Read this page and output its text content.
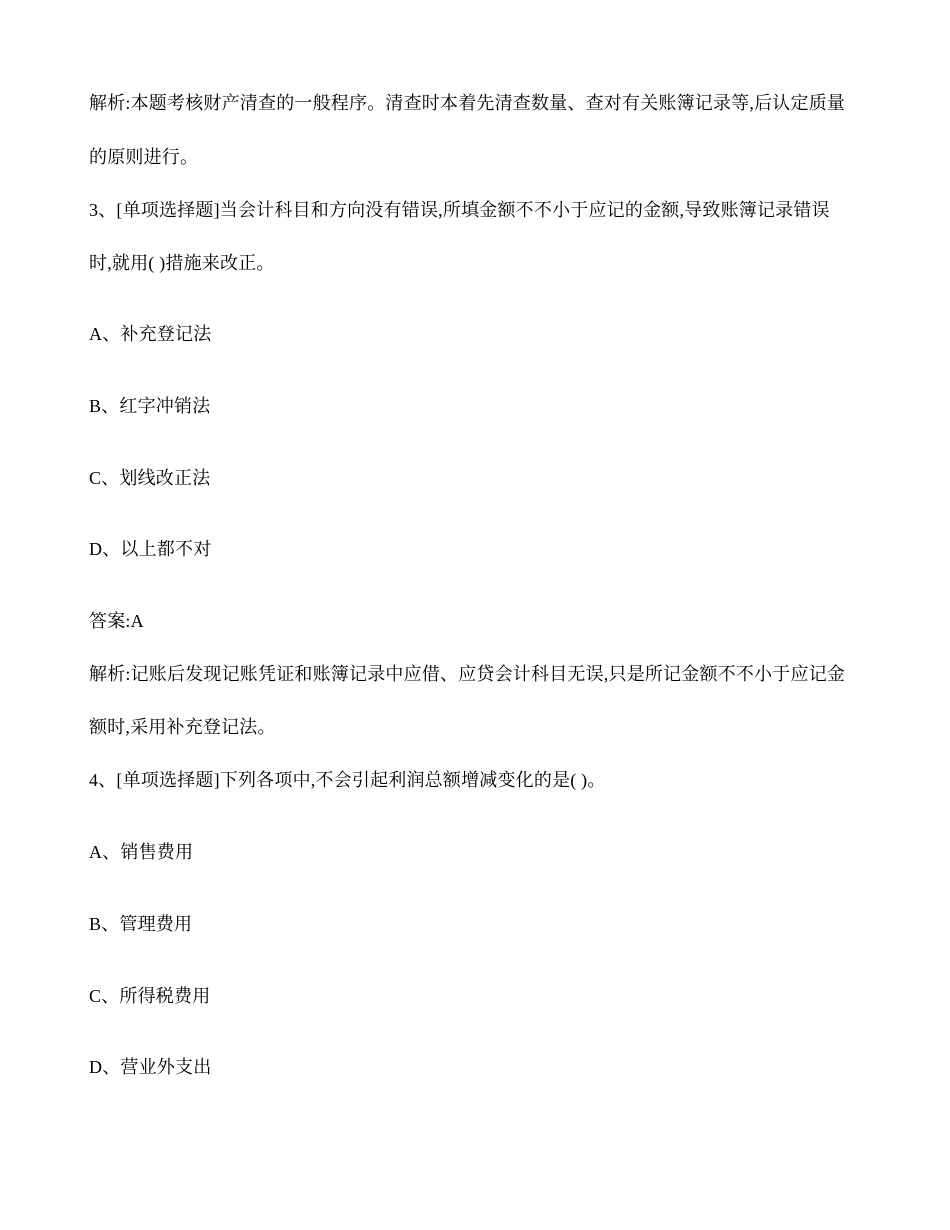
解析:本题考核财产清查的一般程序。清查时本着先清查数量、查对有关账簿记录等,后认定质量
的原则进行。
3、[单项选择题]当会计科目和方向没有错误,所填金额不不小于应记的金额,导致账簿记录错误
时,就用( )措施来改正。
A、补充登记法
B、红字冲销法
C、划线改正法
D、以上都不对
答案:A
解析:记账后发现记账凭证和账簿记录中应借、应贷会计科目无误,只是所记金额不不小于应记金
额时,采用补充登记法。
4、[单项选择题]下列各项中,不会引起利润总额增减变化的是( )。
A、销售费用
B、管理费用
C、所得税费用
D、营业外支出
